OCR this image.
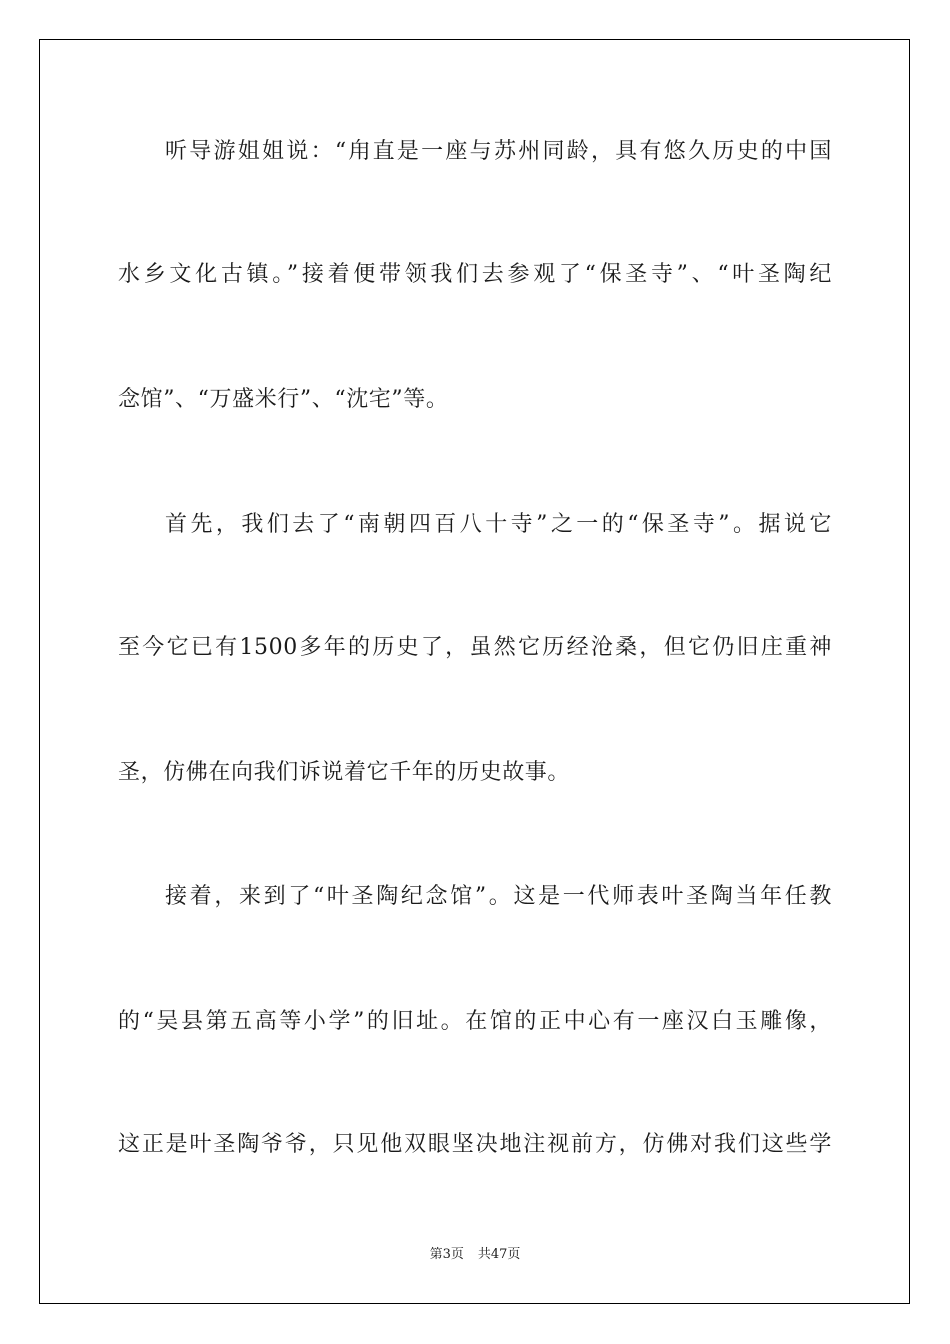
听导游姐姐说：“甪直是一座与苏州同龄，具有悠久历史的中国
水乡文化古镇。”接着便带领我们去参观了“保圣寺”、“叶圣陶纪
念馆”、“万盛米行”、“沈宅”等。
首先，我们去了“南朝四百八十寺”之一的“保圣寺”。据说它
至今它已有1500多年的历史了，虽然它历经沧桑，但它仍旧庄重神
圣，仿佛在向我们诉说着它千年的历史故事。
接着，来到了“叶圣陶纪念馆”。这是一代师表叶圣陶当年任教
的“吴县第五高等小学”的旧址。在馆的正中心有一座汉白玉雕像，
这正是叶圣陶爷爷，只见他双眼坚决地注视前方，仿佛对我们这些学
第3页 共47页
